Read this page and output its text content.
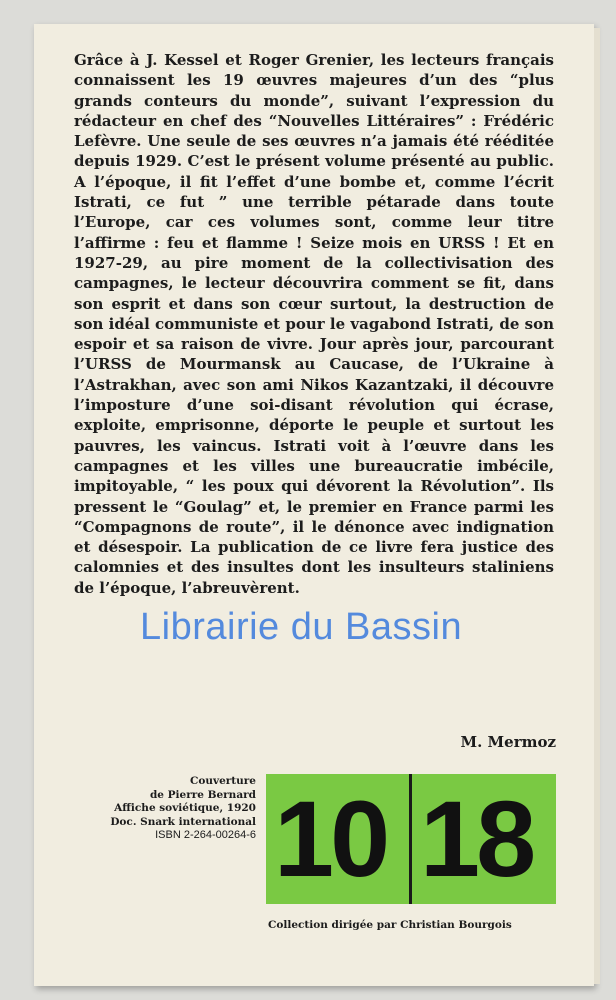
Grâce à J. Kessel et Roger Grenier, les lecteurs français connaissent les 19 œuvres majeures d’un des “plus grands conteurs du monde”, suivant l’expression du rédacteur en chef des “Nouvelles Littéraires” : Frédéric Lefèvre. Une seule de ses œuvres n’a jamais été rééditée depuis 1929. C’est le présent volume présenté au public. A l’époque, il fit l’effet d’une bombe et, comme l’écrit Istrati, ce fut ” une terrible pétarade dans toute l’Europe, car ces volumes sont, comme leur titre l’affirme : feu et flamme ! Seize mois en URSS ! Et en 1927-29, au pire moment de la collectivisation des campagnes, le lecteur découvrira comment se fit, dans son esprit et dans son cœur surtout, la destruction de son idéal communiste et pour le vagabond Istrati, de son espoir et sa raison de vivre. Jour après jour, parcourant l’URSS de Mourmansk au Caucase, de l’Ukraine à l’Astrakhan, avec son ami Nikos Kazantzaki, il découvre l’imposture d’une soi-disant révolution qui écrase, exploite, emprisonne, déporte le peuple et surtout les pauvres, les vaincus. Istrati voit à l’œuvre dans les campagnes et les villes une bureaucratie imbécile, impitoyable, “ les poux qui dévorent la Révolution”. Ils pressent le “Goulag” et, le premier en France parmi les “Compagnons de route”, il le dénonce avec indignation et désespoir. La publication de ce livre fera justice des calomnies et des insultes dont les insulteurs staliniens de l’époque, l’abreuvèrent.

M. Mermoz
Couverture
de Pierre Bernard
Affiche soviétique, 1920
Doc. Snark international
ISBN 2-264-00264-6 10 18
Collection dirigée par Christian Bourgois
Librairie du Bassin
